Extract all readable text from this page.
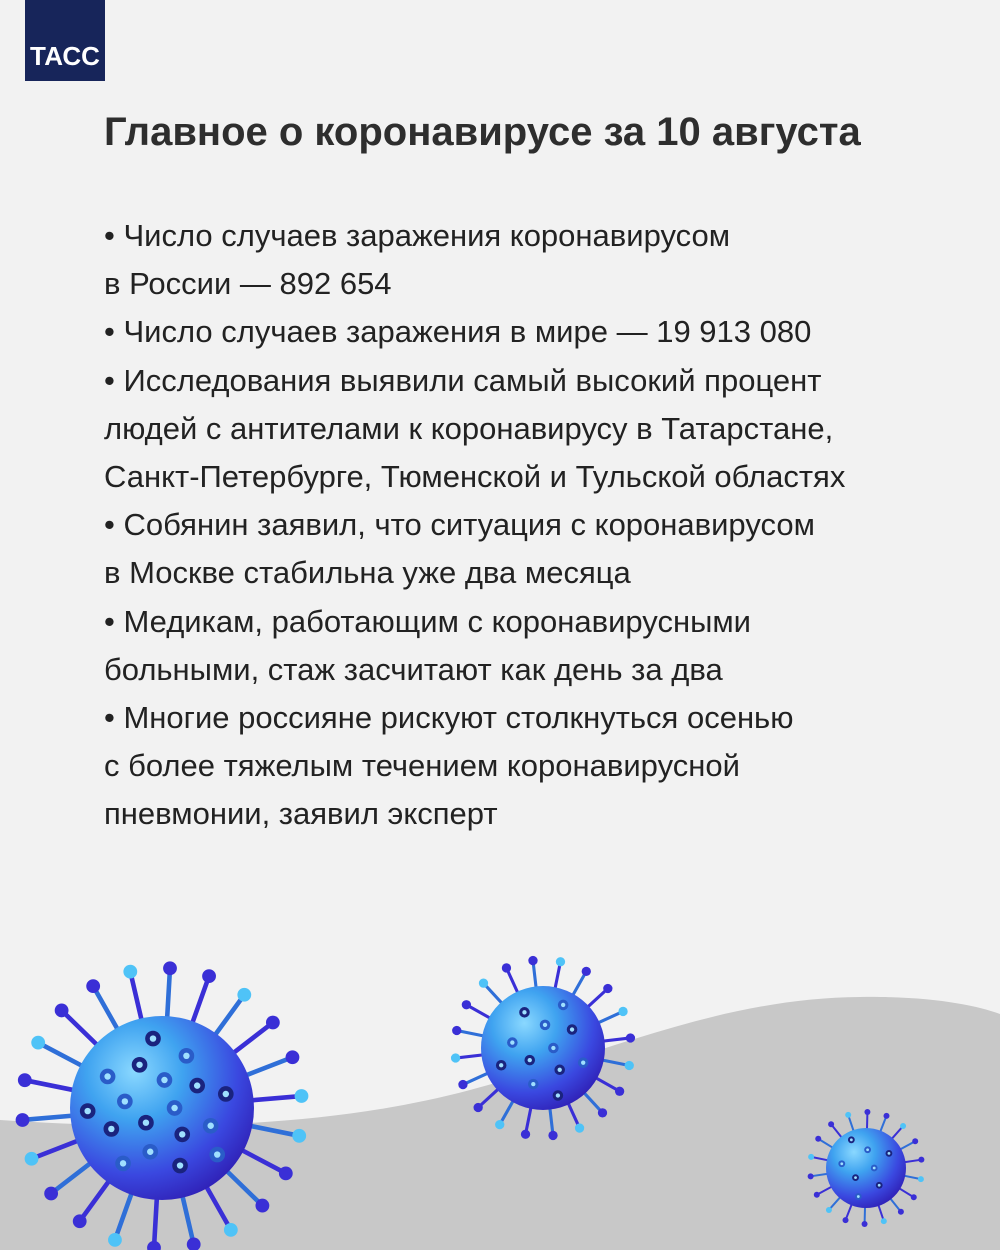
ТАСС
Главное о коронавирусе за 10 августа
• Число случаев заражения коронавирусом
в России — 892 654
• Число случаев заражения в мире — 19 913 080
• Исследования выявили самый высокий процент
людей с антителами к коронавирусу в Татарстане,
Санкт-Петербурге, Тюменской и Тульской областях
• Собянин заявил, что ситуация с коронавирусом
в Москве стабильна уже два месяца
• Медикам, работающим с коронавирусными
больными, стаж засчитают как день за два
• Многие россияне рискуют столкнуться осенью
с более тяжелым течением коронавирусной
пневмонии, заявил эксперт
